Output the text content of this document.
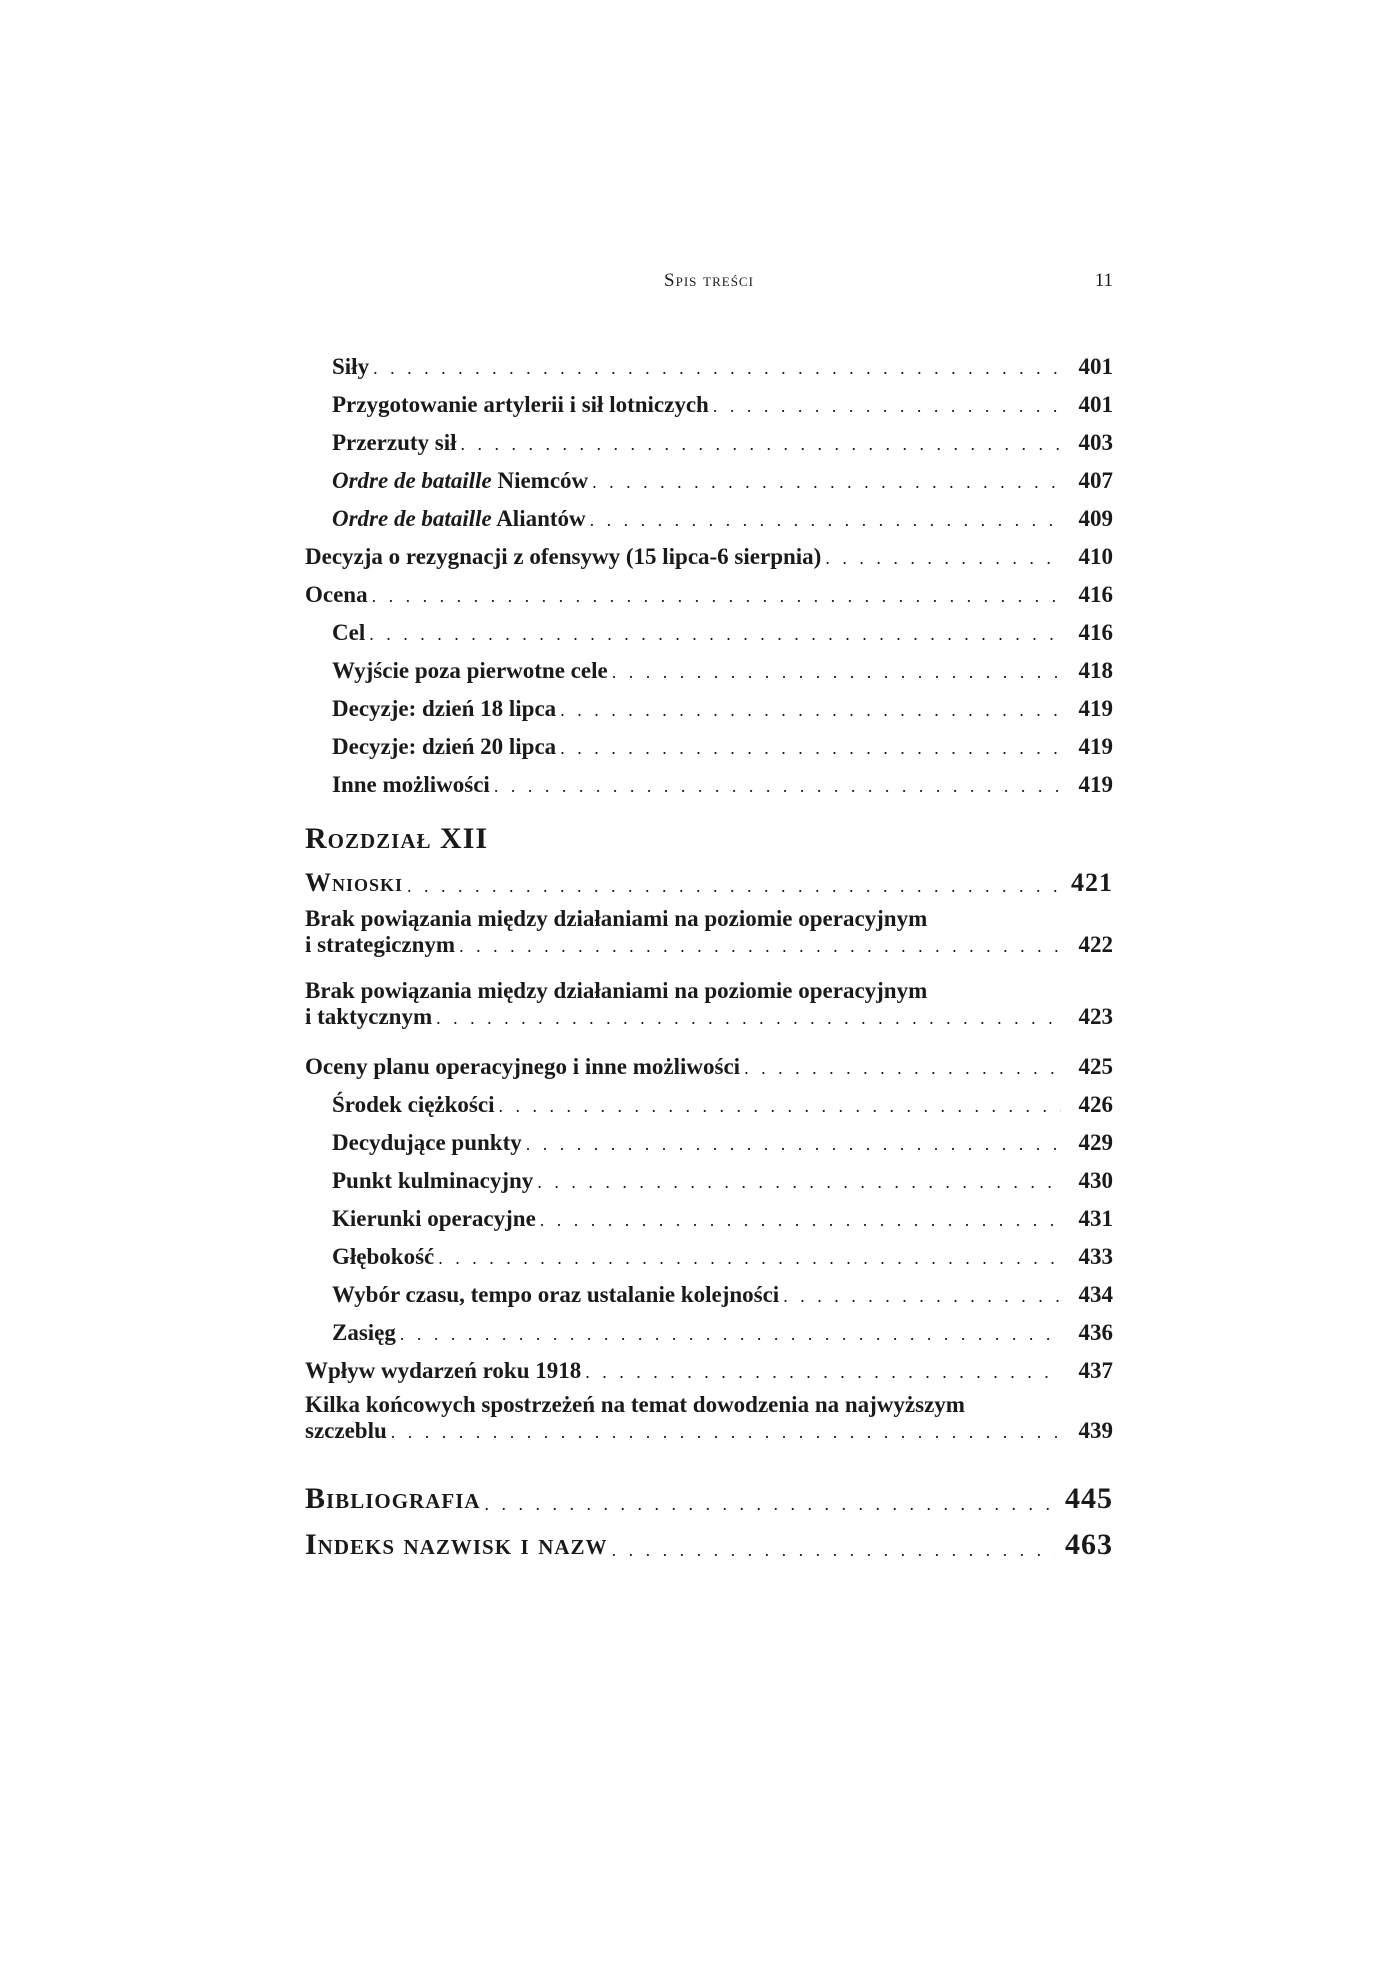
Spis treści	11
Siły . . .	401
Przygotowanie artylerii i sił lotniczych . . .	401
Przerzuty sił . . .	403
Ordre de bataille Niemców . . .	407
Ordre de bataille Aliantów . . .	409
Decyzja o rezygnacji z ofensywy (15 lipca-6 sierpnia) . . .	410
Ocena . . .	416
Cel . . .	416
Wyjście poza pierwotne cele . . .	418
Decyzje: dzień 18 lipca . . .	419
Decyzje: dzień 20 lipca . . .	419
Inne możliwości . . .	419
Rozdział XII
Wnioski . . .	421
Brak powiązania między działaniami na poziomie operacyjnym
i strategicznym . . .	422
Brak powiązania między działaniami na poziomie operacyjnym
i taktycznym . . .	423
Oceny planu operacyjnego i inne możliwości . . .	425
Środek ciężkości . . .	426
Decydujące punkty . . .	429
Punkt kulminacyjny . . .	430
Kierunki operacyjne . . .	431
Głębokość . . .	433
Wybór czasu, tempo oraz ustalanie kolejności . . .	434
Zasięg . . .	436
Wpływ wydarzeń roku 1918 . . .	437
Kilka końcowych spostrzeżeń na temat dowodzenia na najwyższym
szczeblu . . .	439
Bibliografia . . .	445
Indeks nazwisk i nazw . . .	463
